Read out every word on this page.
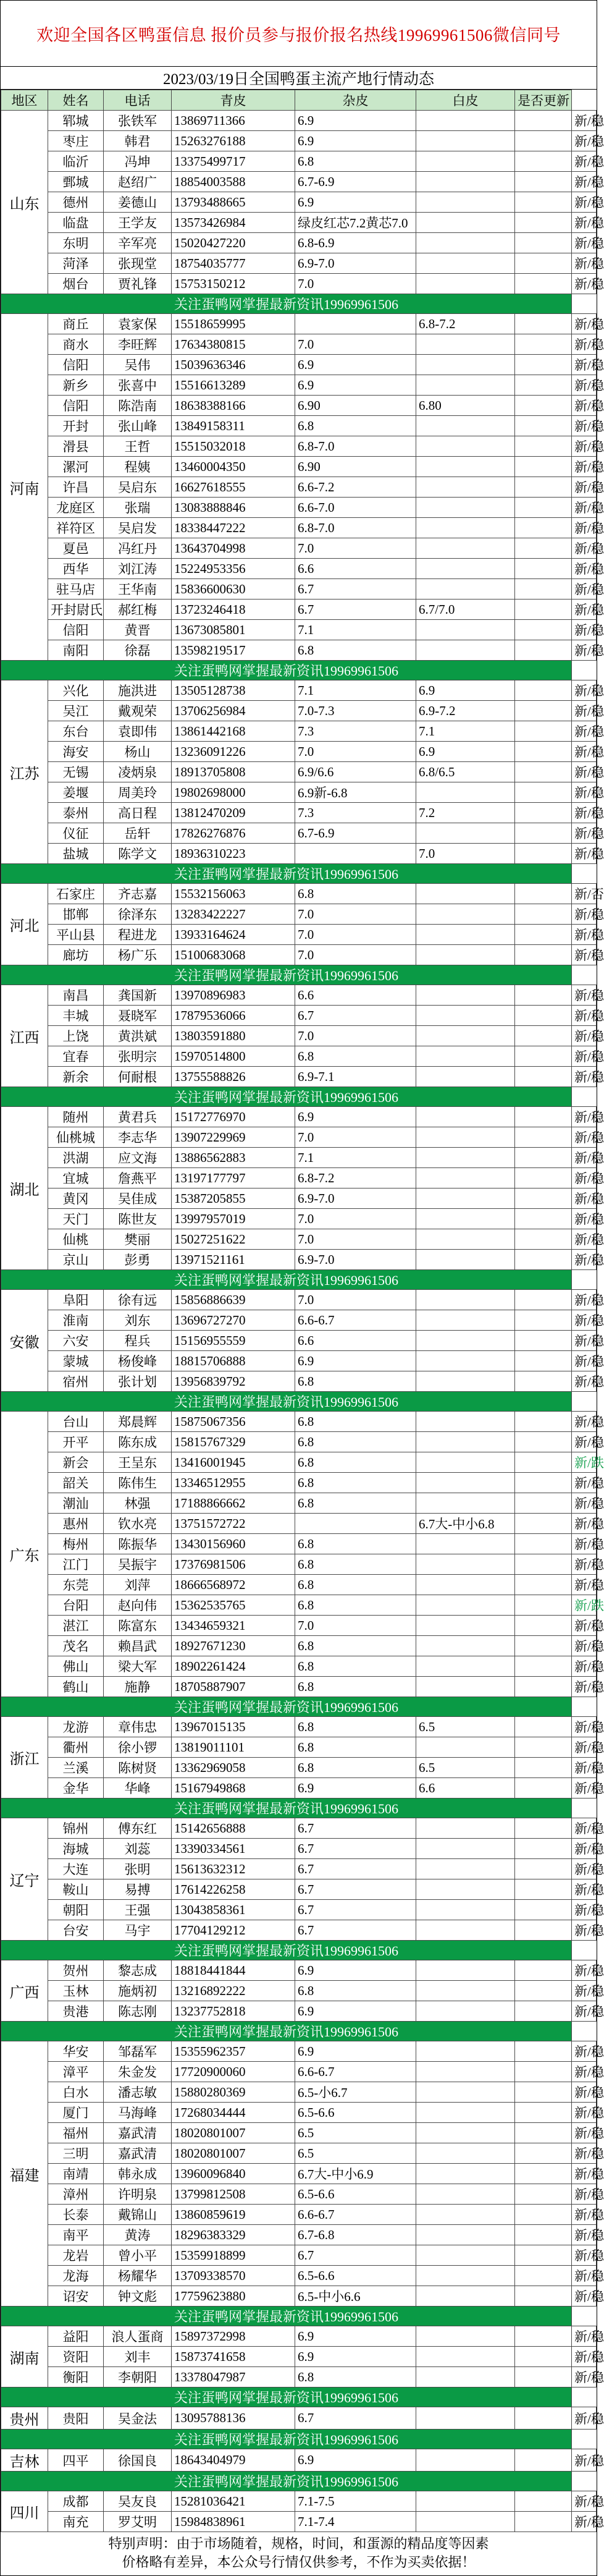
欢迎全国各区鸭蛋信息 报价员参与报价报名热线19969961506微信同号
2023/03/19日全国鸭蛋主流产地行情动态
地区	姓名	电话	青皮	杂皮	白皮	是否更新	
山东	郓城	张铁军	13869711366	6.9			新/稳
	枣庄	韩君	15263276188	6.9			新/稳
	临沂	冯坤	13375499717	6.8			新/稳
	鄄城	赵绍广	18854003588	6.7-6.9			新/稳
	德州	姜德山	13793488665	6.9			新/稳
	临盘	王学友	13573426984	绿皮红芯7.2黄芯7.0			新/稳
	东明	辛军亮	15020427220	6.8-6.9			新/稳
	菏泽	张现堂	18754035777	6.9-7.0			新/稳
	烟台	贾礼锋	15753150212	7.0			新/稳
关注蛋鸭网掌握最新资讯19969961506							
河南	商丘	袁家保	15518659995		6.8-7.2		新/稳
	商水	李旺辉	17634380815	7.0			新/稳
	信阳	吴伟	15039636346	6.9			新/稳
	新乡	张喜中	15516613289	6.9			新/稳
	信阳	陈浩南	18638388166	6.90	6.80		新/稳
	开封	张山峰	13849158311	6.8			新/稳
	滑县	王哲	15515032018	6.8-7.0			新/稳
	漯河	程姨	13460004350	6.90			新/稳
	许昌	吴启东	16627618555	6.6-7.2			新/稳
	龙庭区	张瑞	13083888846	6.6-7.0			新/稳
	祥符区	吴启发	18338447222	6.8-7.0			新/稳
	夏邑	冯红丹	13643704998	7.0			新/稳
	西华	刘江涛	15224953356	6.6			新/稳
	驻马店	王华南	15836600630	6.7			新/稳
	开封尉氏	郝红梅	13723246418	6.7	6.7/7.0		新/稳
	信阳	黄晋	13673085801	7.1			新/稳
	南阳	徐磊	13598219517	6.8			新/稳
关注蛋鸭网掌握最新资讯19969961506							
江苏	兴化	施洪进	13505128738	7.1	6.9		新/稳
	吴江	戴观荣	13706256984	7.0-7.3	6.9-7.2		新/稳
	东台	袁即伟	13861442168	7.3	7.1		新/稳
	海安	杨山	13236091226	7.0	6.9		新/稳
	无锡	凌炳泉	18913705808	6.9/6.6	6.8/6.5		新/稳
	姜堰	周美玲	19802698000	6.9新-6.8			新/稳
	泰州	高日程	13812470209	7.3	7.2		新/稳
	仪征	岳轩	17826276876	6.7-6.9			新/稳
	盐城	陈学文	18936310223		7.0		新/稳
关注蛋鸭网掌握最新资讯19969961506							
河北	石家庄	齐志嘉	15532156063	6.8			新/否
	邯郸	徐泽东	13283422227	7.0			新/稳
	平山县	程进龙	13933164624	7.0			新/稳
	廊坊	杨广乐	15100683068	7.0			新/稳
关注蛋鸭网掌握最新资讯19969961506							
江西	南昌	龚国新	13970896983	6.6			新/稳
	丰城	聂晓军	17879536066	6.7			新/稳
	上饶	黄洪斌	13803591880	7.0			新/稳
	宜春	张明宗	15970514800	6.8			新/稳
	新余	何耐根	13755588826	6.9-7.1			新/稳
关注蛋鸭网掌握最新资讯19969961506							
湖北	随州	黄君兵	15172776970	6.9			新/稳
	仙桃城	李志华	13907229969	7.0			新/稳
	洪湖	应文海	13886562883	7.1			新/稳
	宜城	詹燕平	13197177797	6.8-7.2			新/稳
	黄冈	吴佳成	15387205855	6.9-7.0			新/稳
	天门	陈世友	13997957019	7.0			新/稳
	仙桃	樊丽	15027251622	7.0			新/稳
	京山	彭勇	13971521161	6.9-7.0			新/稳
关注蛋鸭网掌握最新资讯19969961506							
安徽	阜阳	徐有远	15856886639	7.0			新/稳
	淮南	刘东	13696727270	6.6-6.7			新/稳
	六安	程兵	15156955559	6.6			新/稳
	蒙城	杨俊峰	18815706888	6.9			新/稳
	宿州	张计划	13956839792	6.8			新/稳
关注蛋鸭网掌握最新资讯19969961506							
广东	台山	郑晨辉	15875067356	6.8			新/稳
	开平	陈东成	15815767329	6.8			新/稳
	新会	王呈东	13416001945	6.8			新/跌
	韶关	陈伟生	13346512955	6.8			新/稳
	潮汕	林强	17188866662	6.8			新/稳
	惠州	钦水亮	13751572722		6.7大-中小6.8		新/稳
	梅州	陈振华	13430156960	6.8			新/稳
	江门	吴振宇	17376981506	6.8			新/稳
	东莞	刘萍	18666568972	6.8			新/稳
	台阳	赵向伟	15362535765	6.8			新/跌
	湛江	陈富东	13434659321	7.0			新/稳
	茂名	赖昌武	18927671230	6.8			新/稳
	佛山	梁大军	18902261424	6.8			新/稳
	鹤山	施静	18705887907	6.8			新/稳
关注蛋鸭网掌握最新资讯19969961506							
浙江	龙游	章伟忠	13967015135	6.8	6.5		新/稳
	衢州	徐小锣	13819011101	6.8			新/稳
	兰溪	陈树贤	13362969058	6.8	6.5		新/稳
	金华	华峰	15167949868	6.9	6.6		新/稳
关注蛋鸭网掌握最新资讯19969961506							
辽宁	锦州	傅东红	15142656888	6.7			新/稳
	海城	刘蕊	13390334561	6.7			新/稳
	大连	张明	15613632312	6.7			新/稳
	鞍山	易搏	17614226258	6.7			新/稳
	朝阳	王强	13043858361	6.7			新/稳
	台安	马宇	17704129212	6.7			新/稳
关注蛋鸭网掌握最新资讯19969961506							
广西	贺州	黎志成	18818441844	6.9			新/稳
	玉林	施炳初	13216892222	6.8			新/稳
	贵港	陈志刚	13237752818	6.9			新/稳
关注蛋鸭网掌握最新资讯19969961506							
福建	华安	邹磊军	15355962357	6.9			新/稳
	漳平	朱金发	17720900060	6.6-6.7			新/稳
	白水	潘志敏	15880280369	6.5-小6.7			新/稳
	厦门	马海峰	17268034444	6.5-6.6			新/稳
	福州	嘉武清	18020801007	6.5			新/稳
	三明	嘉武清	18020801007	6.5			新/稳
	南靖	韩永成	13960096840	6.7大-中小6.9			新/稳
	漳州	许明泉	13799812508	6.5-6.6			新/稳
	长泰	戴锦山	13860859619	6.6-6.7			新/稳
	南平	黄涛	18296383329	6.7-6.8			新/稳
	龙岩	曾小平	15359918899	6.7			新/稳
	龙海	杨耀华	13709338570	6.5-6.6			新/稳
	诏安	钟文彪	17759623880	6.5-中小6.6			新/稳
关注蛋鸭网掌握最新资讯19969961506							
湖南	益阳	浪人蛋商	15897372998	6.9			新/稳
	资阳	刘丰	15873741658	6.9			新/稳
	衡阳	李朝阳	13378047987	6.8			新/稳
关注蛋鸭网掌握最新资讯19969961506							
贵州	贵阳	吴金法	13095788136	6.7			新/稳
关注蛋鸭网掌握最新资讯19969961506							
吉林	四平	徐国良	18643404979	6.9			新/稳
关注蛋鸭网掌握最新资讯19969961506							
四川	成都	吴友良	15281036421	7.1-7.5			新/稳
	南充	罗艾明	15984838961	7.1-7.4			新/稳
特别声明：由于市场随着，规格，时间，和蛋源的精品度等因素
价格略有差异，本公众号行情仅供参考，不作为买卖依据！
